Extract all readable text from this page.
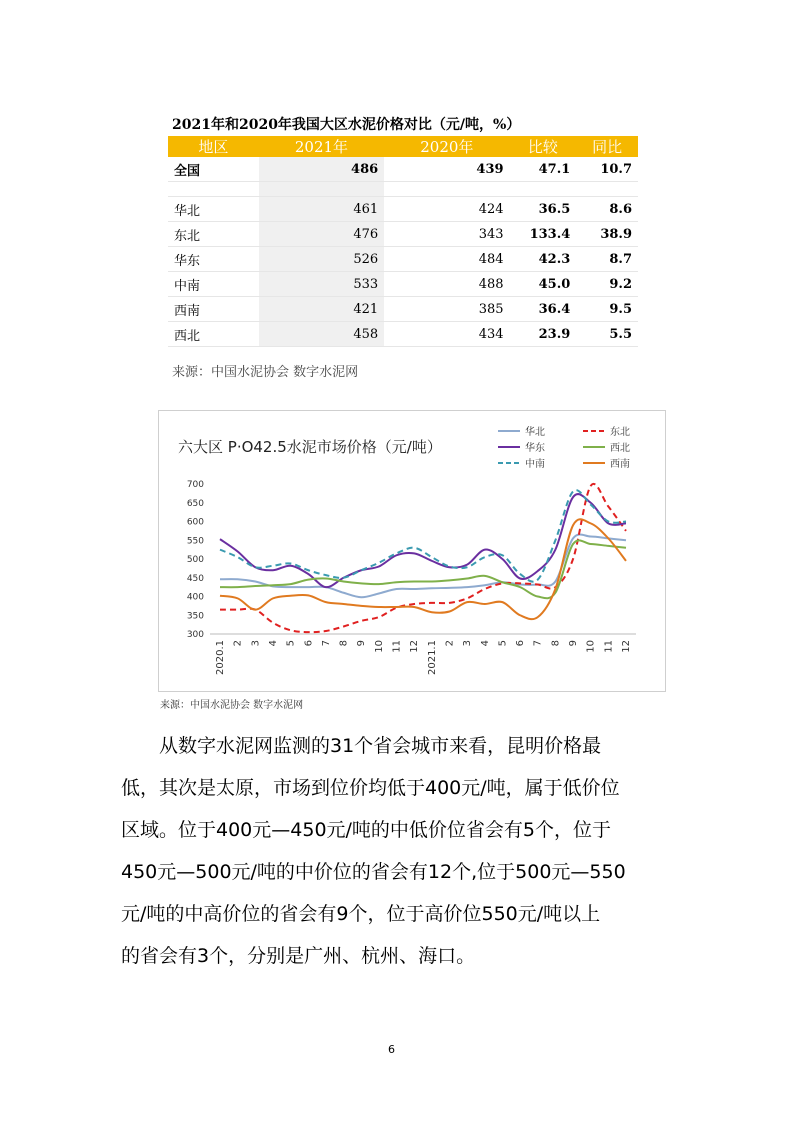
2021年和2020年我国大区水泥价格对比（元/吨，%）
地区	2021年	2020年	比较	同比
全国	486	439	47.1	10.7

华北	461	424	36.5	8.6
东北	476	343	133.4	38.9
华东	526	484	42.3	8.7
中南	533	488	45.0	9.2
西南	421	385	36.4	9.5
西北	458	434	23.9	5.5
来源：中国水泥协会 数字水泥网
六大区 P·O42.5水泥市场价格（元/吨）
300
350
400
450
500
550
600
650
700
2020.1 2 3 4 5 6 7 8 9 10 11 12 2021.1 2 3 4 5 6 7 8 9 10 11 12
华北	东北
华东	西北
中南	西南
来源：中国水泥协会 数字水泥网
从数字水泥网监测的31个省会城市来看，昆明价格最
低，其次是太原，市场到位价均低于400元/吨，属于低价位
区域。位于400元—450元/吨的中低价位省会有5个，位于
450元—500元/吨的中价位的省会有12个,位于500元—550
元/吨的中高价位的省会有9个，位于高价位550元/吨以上
的省会有3个，分别是广州、杭州、海口。
6
